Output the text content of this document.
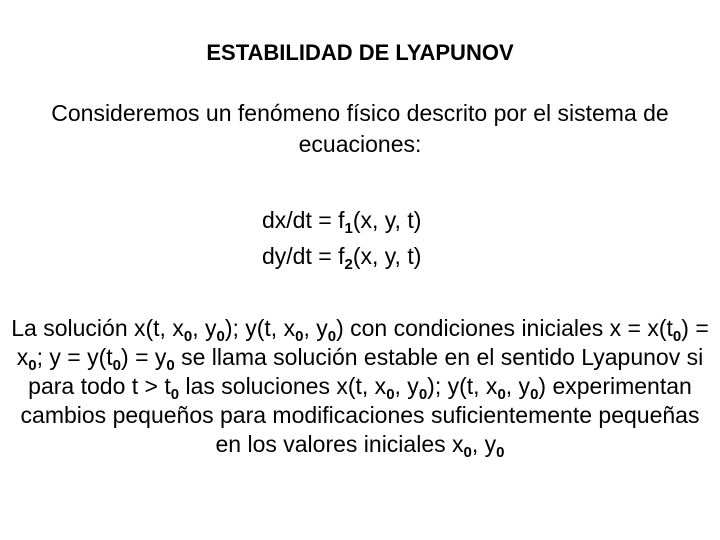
ESTABILIDAD DE LYAPUNOV
Consideremos un fenómeno físico descrito por el sistema de ecuaciones:
$dx/dt = f_1(x$, y, t)
$dy/dt = f_2(x$, y, t)
La solución x(t, $x_0$, $y_0$); y(t, $x_0$, $y_0$) con condiciones iniciales $x = x(t_0) = x_0$; $y = y(t_0) = y_0$ se llama solución estable en el sentido Lyapunov si para todo $t > t_0$ las soluciones x(t, $x_0$, $y_0$); y(t, $x_0$, $y_0$) experimentan cambios pequeños para modificaciones suficientemente pequeñas en los valores iniciales $x_0$, $y_0$
